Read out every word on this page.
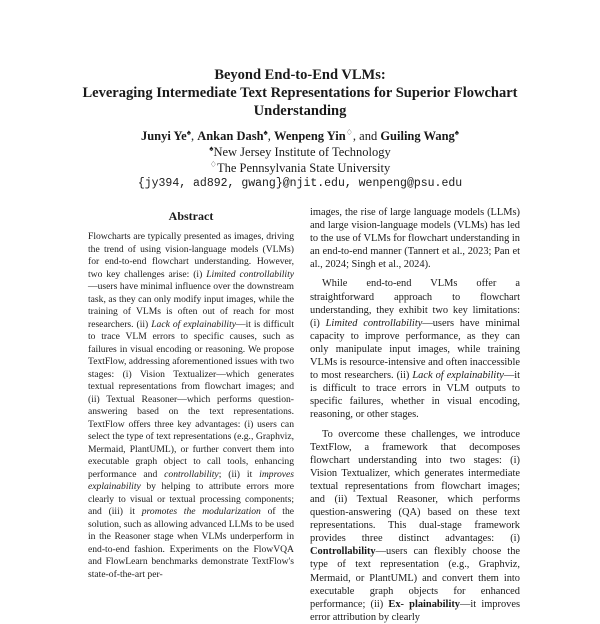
Beyond End-to-End VLMs:
Leveraging Intermediate Text Representations for Superior Flowchart
Understanding
Junyi Ye♠, Ankan Dash♠, Wenpeng Yin♢, and Guiling Wang♠
♠New Jersey Institute of Technology
♢The Pennsylvania State University
{jy394, ad892, gwang}@njit.edu, wenpeng@psu.edu
Abstract

Flowcharts are typically presented as images, driving the trend of using vision-language models (VLMs) for end-to-end flowchart understanding. However, two key challenges arise: (i) Limited controllability—users have minimal influence over the downstream task, as they can only modify input images, while the training of VLMs is often out of reach for most researchers. (ii) Lack of explainability—it is difficult to trace VLM errors to specific causes, such as failures in visual encoding or reasoning. We propose TextFlow, addressing aforementioned issues with two stages: (i) Vision Textualizer—which generates textual representations from flowchart images; and (ii) Textual Reasoner—which performs question-answering based on the text representations. TextFlow offers three key advantages: (i) users can select the type of text representations (e.g., Graphviz, Mermaid, PlantUML), or further convert them into executable graph object to call tools, enhancing performance and controllability; (ii) it improves explainability by helping to attribute errors more clearly to visual or textual processing components; and (iii) it promotes the modularization of the solution, such as allowing advanced LLMs to be used in the Reasoner stage when VLMs underperform in end-to-end fashion. Experiments on the FlowVQA and FlowLearn benchmarks demonstrate TextFlow's state-of-the-art per-

images, the rise of large language models (LLMs) and large vision-language models (VLMs) has led to the use of VLMs for flowchart understanding in an end-to-end manner (Tannert et al., 2023; Pan et al., 2024; Singh et al., 2024).

While end-to-end VLMs offer a straightforward approach to flowchart understanding, they exhibit two key limitations: (i) Limited controllability—users have minimal capacity to improve performance, as they can only manipulate input images, while training VLMs is resource-intensive and often inaccessible to most researchers. (ii) Lack of explainability—it is difficult to trace errors in VLM outputs to specific failures, whether in visual encoding, reasoning, or other stages.

To overcome these challenges, we introduce TextFlow, a framework that decomposes flowchart understanding into two stages: (i) Vision Textualizer, which generates intermediate textual representations from flowchart images; and (ii) Textual Reasoner, which performs question-answering (QA) based on these text representations. This dual-stage framework provides three distinct advantages: (i) Controllability—users can flexibly choose the type of text representation (e.g., Graphviz, Mermaid, or PlantUML) and convert them into executable graph objects for enhanced performance; (ii) Ex- plainability—it improves error attribution by clearly
